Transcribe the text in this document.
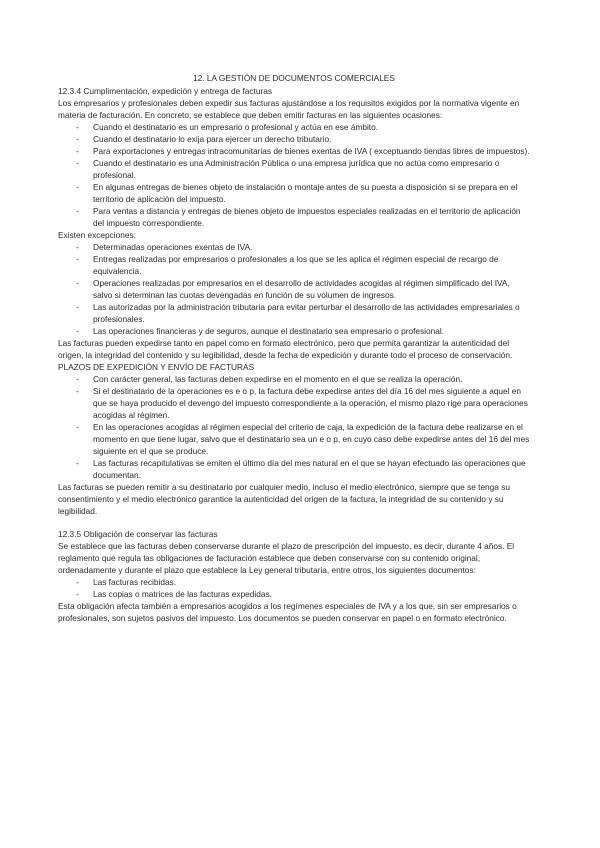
12. LA GESTIÓN DE DOCUMENTOS COMERCIALES

12.3.4 Cumplimentación, expedición y entrega de facturas

Los empresarios y profesionales deben expedir sus facturas ajustándose a los requisitos exigidos por la normativa vigente en materia de facturación. En concreto, se establece que deben emitir facturas en las siguientes ocasiones:

- Cuando el destinatario es un empresario o profesional y actúa en ese ámbito.
- Cuando el destinatario lo exija para ejercer un derecho tributario.
- Para exportaciones y entregas intracomunitarias de bienes exentas de IVA ( exceptuando tiendas libres de impuestos).
- Cuando el destinatario es una Administración Pública o una empresa jurídica que no actúa como empresario o profesional.
- En algunas entregas de bienes objeto de instalación o montaje antes de su puesta a disposición si se prepara en el territorio de aplicación del impuesto.
- Para ventas a distancia y entregas de bienes objeto de impuestos especiales realizadas en el territorio de aplicación del impuesto correspondiente.

Existen excepciones:

- Determinadas operaciones exentas de IVA.
- Entregas realizadas por empresarios o profesionales a los que se les aplica el régimen especial de recargo de equivalencia.
- Operaciones realizadas por empresarios en el desarrollo de actividades acogidas al régimen simplificado del IVA, salvo si determinan las cuotas devengadas en función de su volumen de ingresos.
- Las autorizadas por la administración tributaria para evitar perturbar el desarrollo de las actividades empresariales o profesionales.
- Las operaciones financieras y de seguros, aunque el destinatario sea empresario o profesional.

Las facturas pueden expedirse tanto en papel como en formato electrónico, pero que permita garantizar la autenticidad del origen, la integridad del contenido y su legibilidad, desde la fecha de expedición y durante todo el proceso de conservación.

PLAZOS DE EXPEDICIÓN Y ENVÍO DE FACTURAS

- Con carácter general, las facturas deben expedirse en el momento en el que se realiza la operación.
- Si el destinatario de la operaciones es e o p, la factura debe expedirse antes del día 16 del mes siguiente a aquel en que se haya producido el devengo del impuesto correspondiente a la operación, el mismo plazo rige para operaciones acogidas al régimen.
- En las operaciones acogidas al régimen especial del criterio de caja, la expedición de la factura debe realizarse en el momento en que tiene lugar, salvo que el destinatario sea un e o p, en cuyo caso debe expedirse antes del 16 del mes siguiente en el que se produce.
- Las facturas recapitulativas se emiten el último día del mes natural en el que se hayan efectuado las operaciones que documentan.

Las facturas se pueden remitir a su destinatario por cualquier medio, incluso el medio electrónico, siempre que se tenga su consentimiento y el medio electrónico garantice la autenticidad del origen de la factura, la integridad de su contenido y su legibilidad.

12.3.5 Obligación de conservar las facturas

Se establece que las facturas deben conservarse durante el plazo de prescripción del impuesto, es decir, durante 4 años. El reglamento que regula las obligaciones de facturación establece que deben conservarse con su contenido original, ordenadamente y durante el plazo que establece la Ley general tributaria, entre otros, los siguientes documentos:

- Las facturas recibidas.
- Las copias o matrices de las facturas expedidas.

Esta obligación afecta también a empresarios acogidos a los regímenes especiales de IVA y a los que, sin ser empresarios o profesionales, son sujetos pasivos del impuesto. Los documentos se pueden conservar en papel o en formato electrónico.
